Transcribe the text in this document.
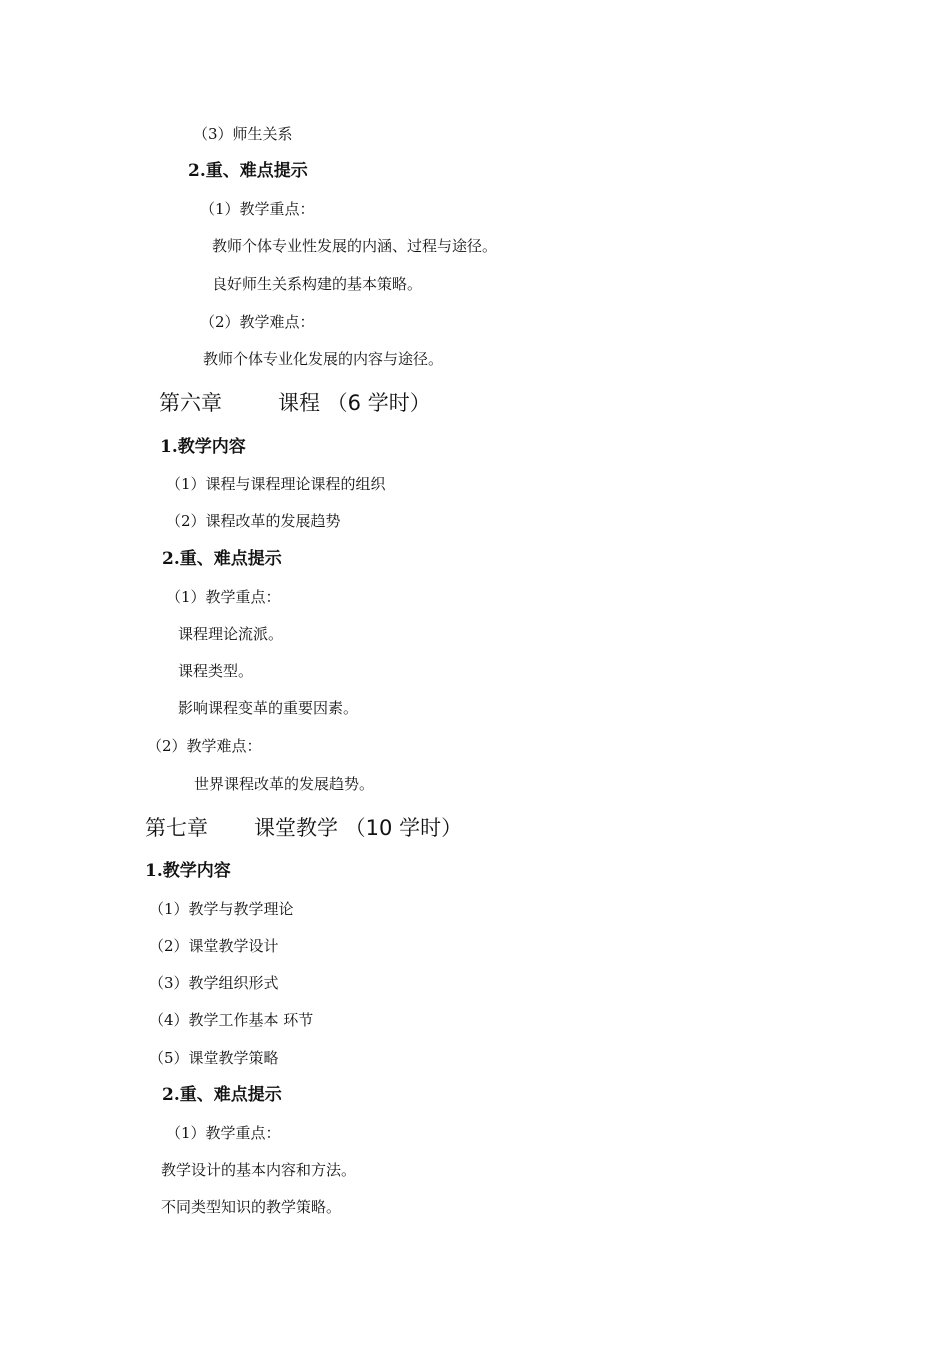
（3）师生关系
2.重、难点提示
（1）教学重点：
教师个体专业性发展的内涵、过程与途径。
良好师生关系构建的基本策略。
（2）教学难点：
教师个体专业化发展的内容与途径。
第六章	课程 （6 学时）
1.教学内容
（1）课程与课程理论课程的组织
（2）课程改革的发展趋势
2.重、难点提示
（1）教学重点：
课程理论流派。
课程类型。
影响课程变革的重要因素。
（2）教学难点：
世界课程改革的发展趋势。
第七章 课堂教学 （10 学时）
1.教学内容
（1）教学与教学理论
（2）课堂教学设计
（3）教学组织形式
（4）教学工作基本 环节
（5）课堂教学策略
2.重、难点提示
（1）教学重点：
教学设计的基本内容和方法。
不同类型知识的教学策略。
